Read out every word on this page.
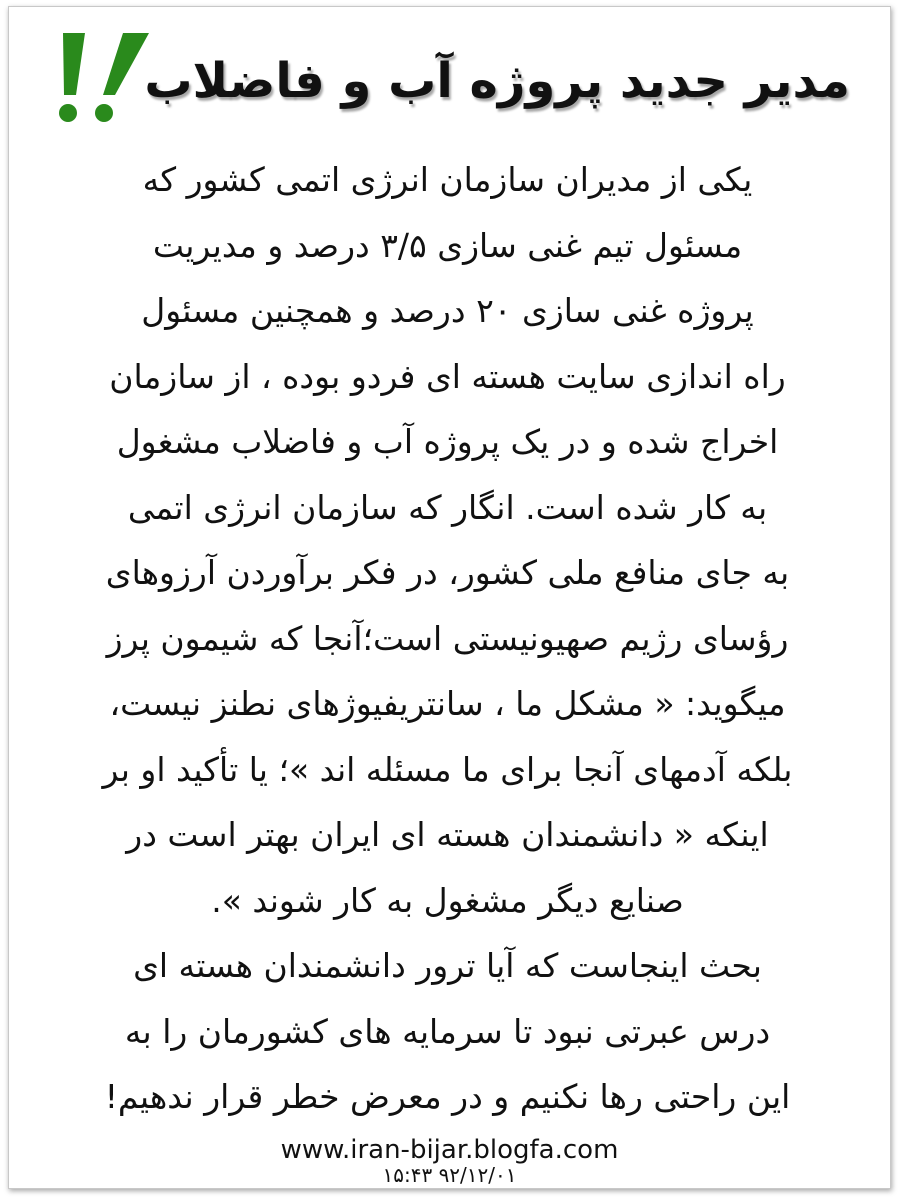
مدیر جدید پروژه آب و فاضلاب
یکی از مدیران سازمان انرژی اتمی کشور که
مسئول تیم غنی سازی ۳/۵ درصد و مدیریت
پروژه غنی سازی ۲۰ درصد و همچنین مسئول
راه اندازی سایت هسته ای فردو بوده ، از سازمان
اخراج شده و در یک پروژه آب و فاضلاب مشغول
به کار شده است. انگار که سازمان انرژی اتمی
به جای منافع ملی کشور، در فکر برآوردن آرزوهای
رؤسای رژیم صهیونیستی است؛آنجا که شیمون پرز
میگوید: « مشکل ما ، سانتریفیوژهای نطنز نیست،
بلکه آدمهای آنجا برای ما مسئله اند »؛ یا تأکید او بر
اینکه « دانشمندان هسته ای ایران بهتر است در
صنایع دیگر مشغول به کار شوند ».
بحث اینجاست که آیا ترور دانشمندان هسته ای
درس عبرتی نبود تا سرمایه های کشورمان را به
این راحتی رها نکنیم و در معرض خطر قرار ندهیم!
www.iran-bijar.blogfa.com
۹۲/۱۲/۰۱ ۱۵:۴۳
